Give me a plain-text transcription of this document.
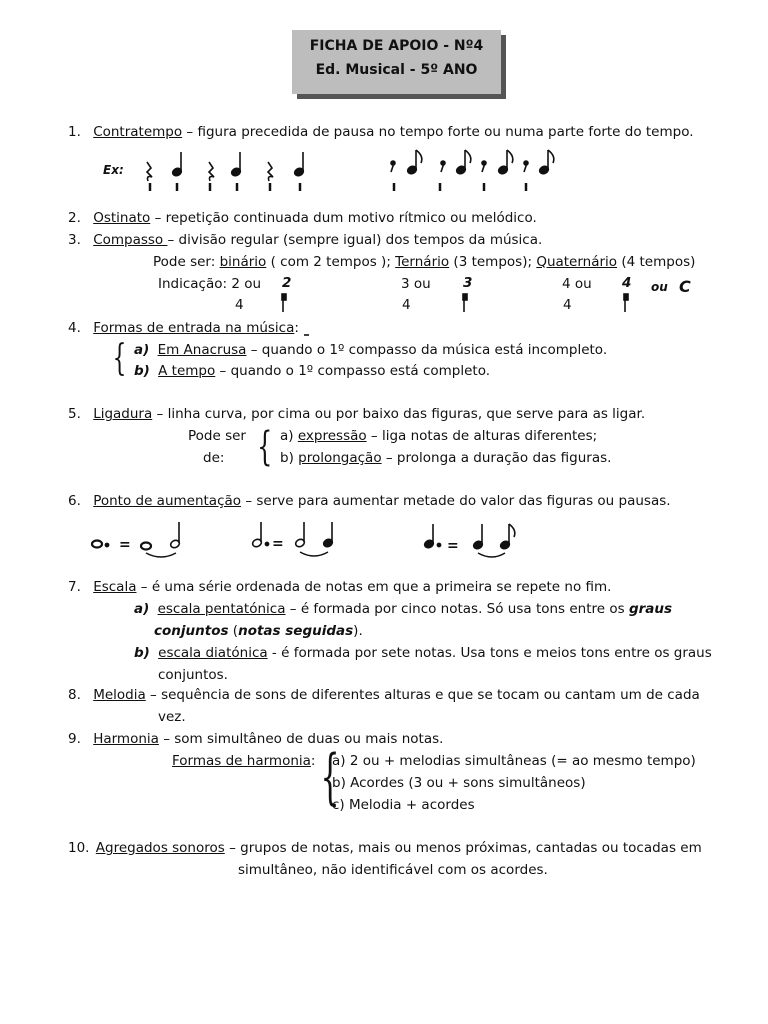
FICHA DE APOIO - Nº4
Ed. Musical - 5º ANO
1. Contratempo – figura precedida de pausa no tempo forte ou numa parte forte do tempo.
Ex:
2. Ostinato – repetição continuada dum motivo rítmico ou melódico.
3. Compasso – divisão regular (sempre igual) dos tempos da música.
Pode ser: binário ( com 2 tempos ); Ternário (3 tempos); Quaternário (4 tempos)
Indicação: 2 ou 2
4
3 ou 3
4
4 ou 4 ou C
4
4. Formas de entrada na música:
{ a) Em Anacrusa – quando o 1º compasso da música está incompleto.
b) A tempo – quando o 1º compasso está completo.
5. Ligadura – linha curva, por cima ou por baixo das figuras, que serve para as ligar.
Pode ser
de: { a) expressão – liga notas de alturas diferentes;
b) prolongação – prolonga a duração das figuras.
6. Ponto de aumentação – serve para aumentar metade do valor das figuras ou pausas.
7. Escala – é uma série ordenada de notas em que a primeira se repete no fim.
a) escala pentatónica – é formada por cinco notas. Só usa tons entre os graus
conjuntos (notas seguidas).
b) escala diatónica - é formada por sete notas. Usa tons e meios tons entre os graus
conjuntos.
8. Melodia – sequência de sons de diferentes alturas e que se tocam ou cantam um de cada
vez.
9. Harmonia – som simultâneo de duas ou mais notas.
Formas de harmonia: {
a) 2 ou + melodias simultâneas (= ao mesmo tempo)
b) Acordes (3 ou + sons simultâneos)
c) Melodia + acordes
10. Agregados sonoros – grupos de notas, mais ou menos próximas, cantadas ou tocadas em
simultâneo, não identificável com os acordes.
=	=	=
